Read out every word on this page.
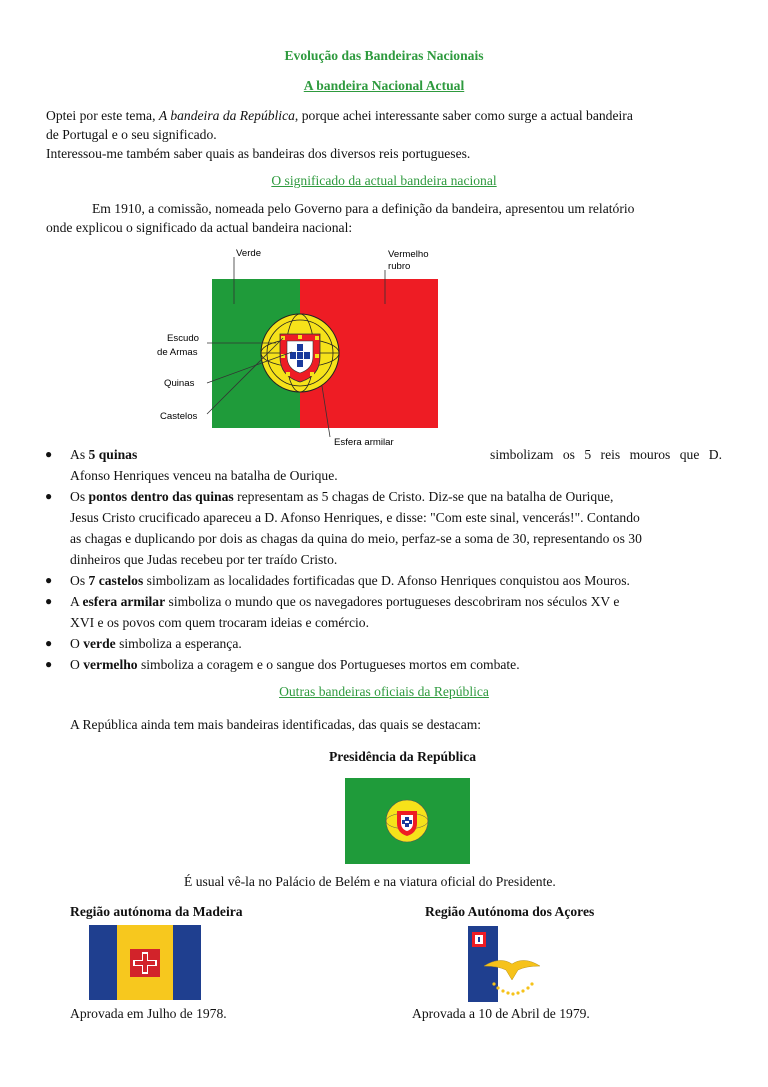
Evolução das Bandeiras Nacionais
A bandeira Nacional Actual
Optei por este tema, A bandeira da República, porque achei interessante saber como surge a actual bandeira
de Portugal e o seu significado.
Interessou-me também saber quais as bandeiras dos diversos reis portugueses.
O significado da actual bandeira nacional
Em 1910, a comissão, nomeada pelo Governo para a definição da bandeira, apresentou um relatório
onde explicou o significado da actual bandeira nacional:
Verde	Vermelho
rubro
Escudo
de Armas
Quinas
Castelos
Esfera armilar
● As 5 quinas	simbolizam os 5 reis mouros que D.
Afonso Henriques venceu na batalha de Ourique.
● Os pontos dentro das quinas representam as 5 chagas de Cristo. Diz-se que na batalha de Ourique,
Jesus Cristo crucificado apareceu a D. Afonso Henriques, e disse: "Com este sinal, vencerás!". Contando
as chagas e duplicando por dois as chagas da quina do meio, perfaz-se a soma de 30, representando os 30
dinheiros que Judas recebeu por ter traído Cristo.
● Os 7 castelos simbolizam as localidades fortificadas que D. Afonso Henriques conquistou aos Mouros.
● A esfera armilar simboliza o mundo que os navegadores portugueses descobriram nos séculos XV e
XVI e os povos com quem trocaram ideias e comércio.
● O verde simboliza a esperança.
● O vermelho simboliza a coragem e o sangue dos Portugueses mortos em combate.
Outras bandeiras oficiais da República
A República ainda tem mais bandeiras identificadas, das quais se destacam:
Presidência da República
É usual vê-la no Palácio de Belém e na viatura oficial do Presidente.
Região autónoma da Madeira	Região Autónoma dos Açores
Aprovada em Julho de 1978.	Aprovada a 10 de Abril de 1979.
